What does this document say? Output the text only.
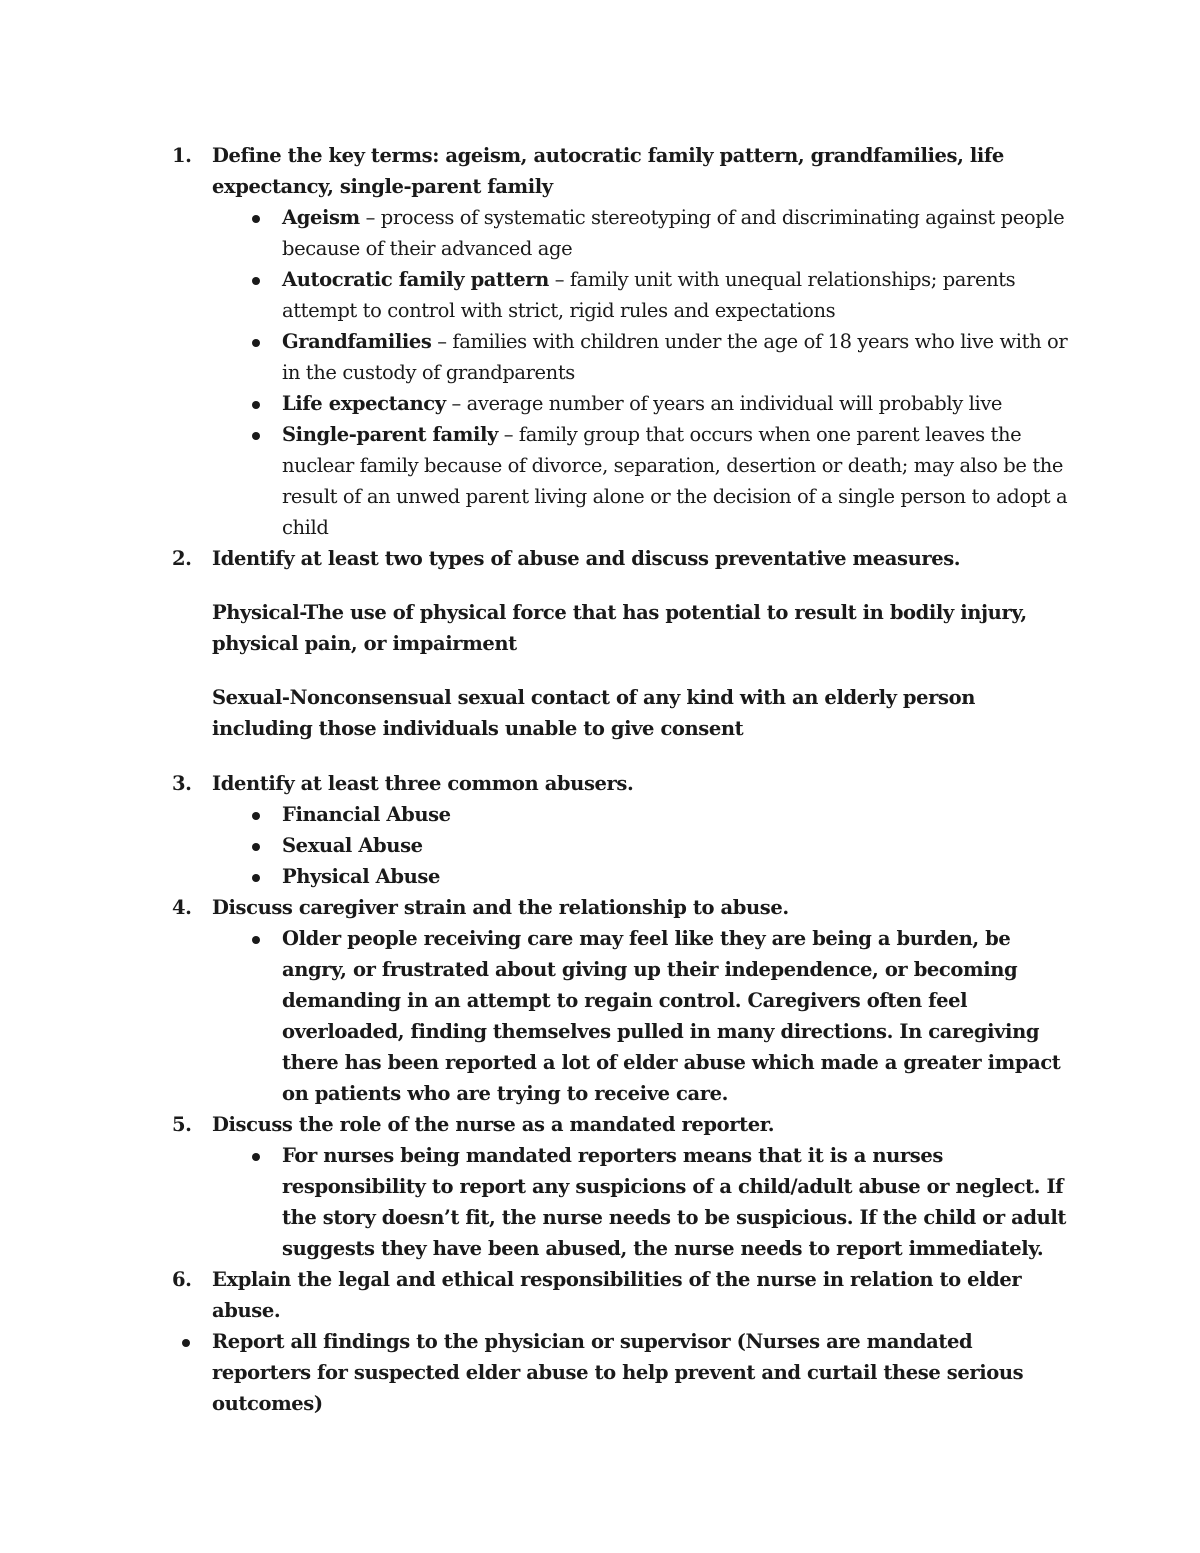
1. Define the key terms: ageism, autocratic family pattern, grandfamilies, life expectancy, single-parent family
Ageism – process of systematic stereotyping of and discriminating against people because of their advanced age
Autocratic family pattern – family unit with unequal relationships; parents attempt to control with strict, rigid rules and expectations
Grandfamilies – families with children under the age of 18 years who live with or in the custody of grandparents
Life expectancy – average number of years an individual will probably live
Single-parent family – family group that occurs when one parent leaves the nuclear family because of divorce, separation, desertion or death; may also be the result of an unwed parent living alone or the decision of a single person to adopt a child
2. Identify at least two types of abuse and discuss preventative measures.
Physical-The use of physical force that has potential to result in bodily injury, physical pain, or impairment
Sexual-Nonconsensual sexual contact of any kind with an elderly person including those individuals unable to give consent
3. Identify at least three common abusers.
Financial Abuse
Sexual Abuse
Physical Abuse
4. Discuss caregiver strain and the relationship to abuse.
Older people receiving care may feel like they are being a burden, be angry, or frustrated about giving up their independence, or becoming demanding in an attempt to regain control. Caregivers often feel overloaded, finding themselves pulled in many directions. In caregiving there has been reported a lot of elder abuse which made a greater impact on patients who are trying to receive care.
5. Discuss the role of the nurse as a mandated reporter.
For nurses being mandated reporters means that it is a nurses responsibility to report any suspicions of a child/adult abuse or neglect. If the story doesn’t fit, the nurse needs to be suspicious. If the child or adult suggests they have been abused, the nurse needs to report immediately.
6. Explain the legal and ethical responsibilities of the nurse in relation to elder abuse.
Report all findings to the physician or supervisor (Nurses are mandated reporters for suspected elder abuse to help prevent and curtail these serious outcomes)
